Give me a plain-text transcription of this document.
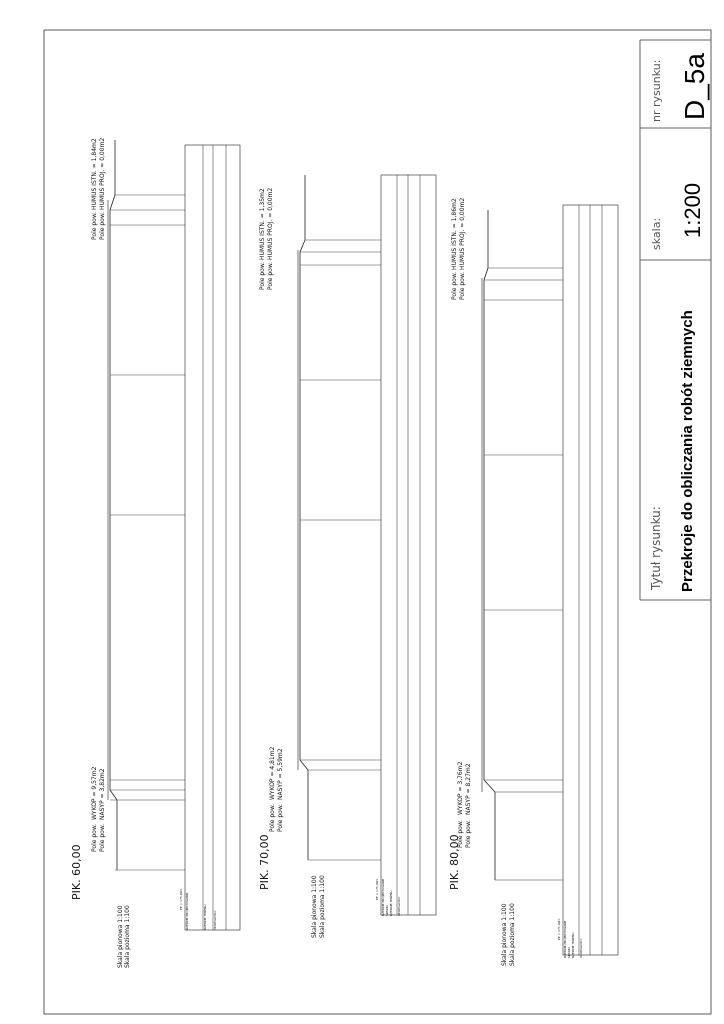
Tytuł rysunku: Przekroje do obliczania robót ziemnych
skala: 1:200
nr rysunku: D_5a
PIK. 60,00
WYKOP = 9,57m2 NASYP = 3,82m2
Pole pow. Pole pow.
Pole pow. HUMUS ISTN. = 1,84m2 Pole pow. HUMUS PROJ. = 0,00m2
Skala pionowa 1:100 Skala pozioma 1:100
PP = 175,00m RZEDNE PROJEKTOWANE	RZEDNE TERENU ODLEGLOSCI
PIK. 70,00
WYKOP = 4,81m2 NASYP = 5,59m2
Pole pow. Pole pow.
Pole pow. HUMUS ISTN. = 1,35m2 Pole pow. HUMUS PROJ. = 0,00m2
Skala pionowa 1:100 Skala pozioma 1:100	PP = 175,00m RZEDNE PROJEKTOWANE SPADKI RZEDNE TERENU ODLEGLOSCI
PIK. 80,00
WYKOP = 3,76m2 NASYP = 8,27m2
Pole pow. Pole pow.
Pole pow. HUMUS ISTN. = 1,86m2 Pole pow. HUMUS PROJ. = 0,00m2
Skala pionowa 1:100 Skala pozioma 1:100	PP = 175,00m RZEDNE PROJEKTOWANE SPADKI RZEDNE TERENU ODLEGLOSCI
